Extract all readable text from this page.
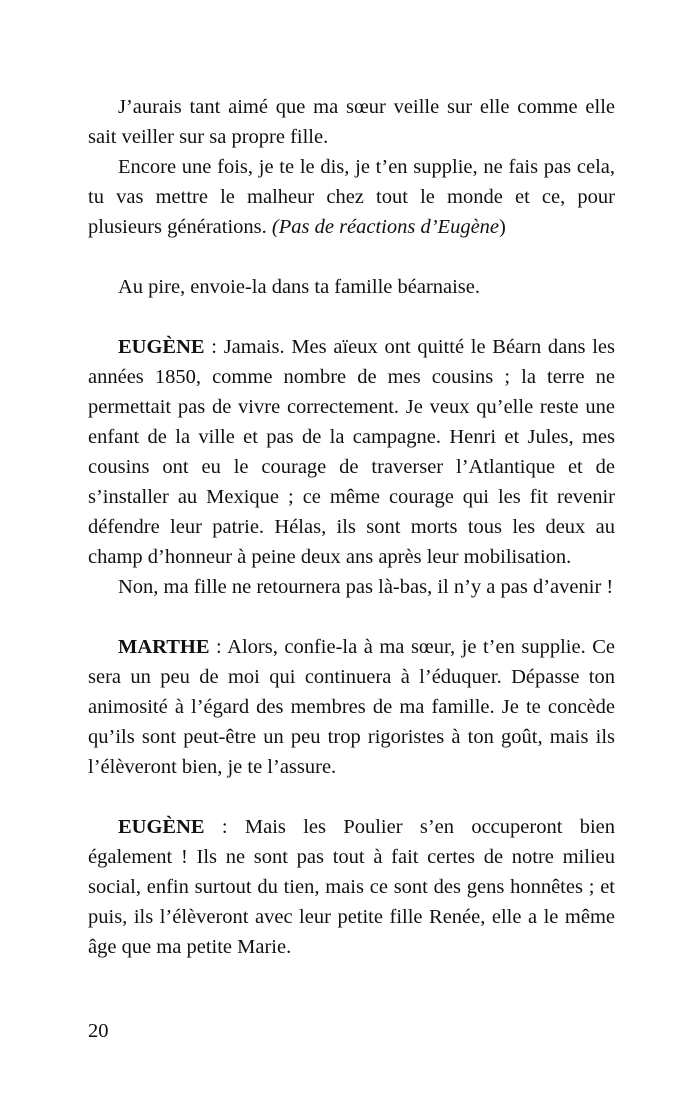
J’aurais tant aimé que ma sœur veille sur elle comme elle sait veiller sur sa propre fille.

Encore une fois, je te le dis, je t’en supplie, ne fais pas cela, tu vas mettre le malheur chez tout le monde et ce, pour plusieurs générations. (Pas de réactions d’Eugène)

Au pire, envoie-la dans ta famille béarnaise.

EUGÈNE : Jamais. Mes aïeux ont quitté le Béarn dans les années 1850, comme nombre de mes cousins ; la terre ne permettait pas de vivre correctement. Je veux qu’elle reste une enfant de la ville et pas de la campagne. Henri et Jules, mes cousins ont eu le courage de traverser l’Atlantique et de s’installer au Mexique ; ce même courage qui les fit revenir défendre leur patrie. Hélas, ils sont morts tous les deux au champ d’honneur à peine deux ans après leur mobilisation.

Non, ma fille ne retournera pas là-bas, il n’y a pas d’avenir !

MARTHE : Alors, confie-la à ma sœur, je t’en supplie. Ce sera un peu de moi qui continuera à l’éduquer. Dépasse ton animosité à l’égard des membres de ma famille. Je te concède qu’ils sont peut-être un peu trop rigoristes à ton goût, mais ils l’élèveront bien, je te l’assure.

EUGÈNE : Mais les Poulier s’en occuperont bien également ! Ils ne sont pas tout à fait certes de notre milieu social, enfin surtout du tien, mais ce sont des gens honnêtes ; et puis, ils l’élèveront avec leur petite fille Renée, elle a le même âge que ma petite Marie.

20
